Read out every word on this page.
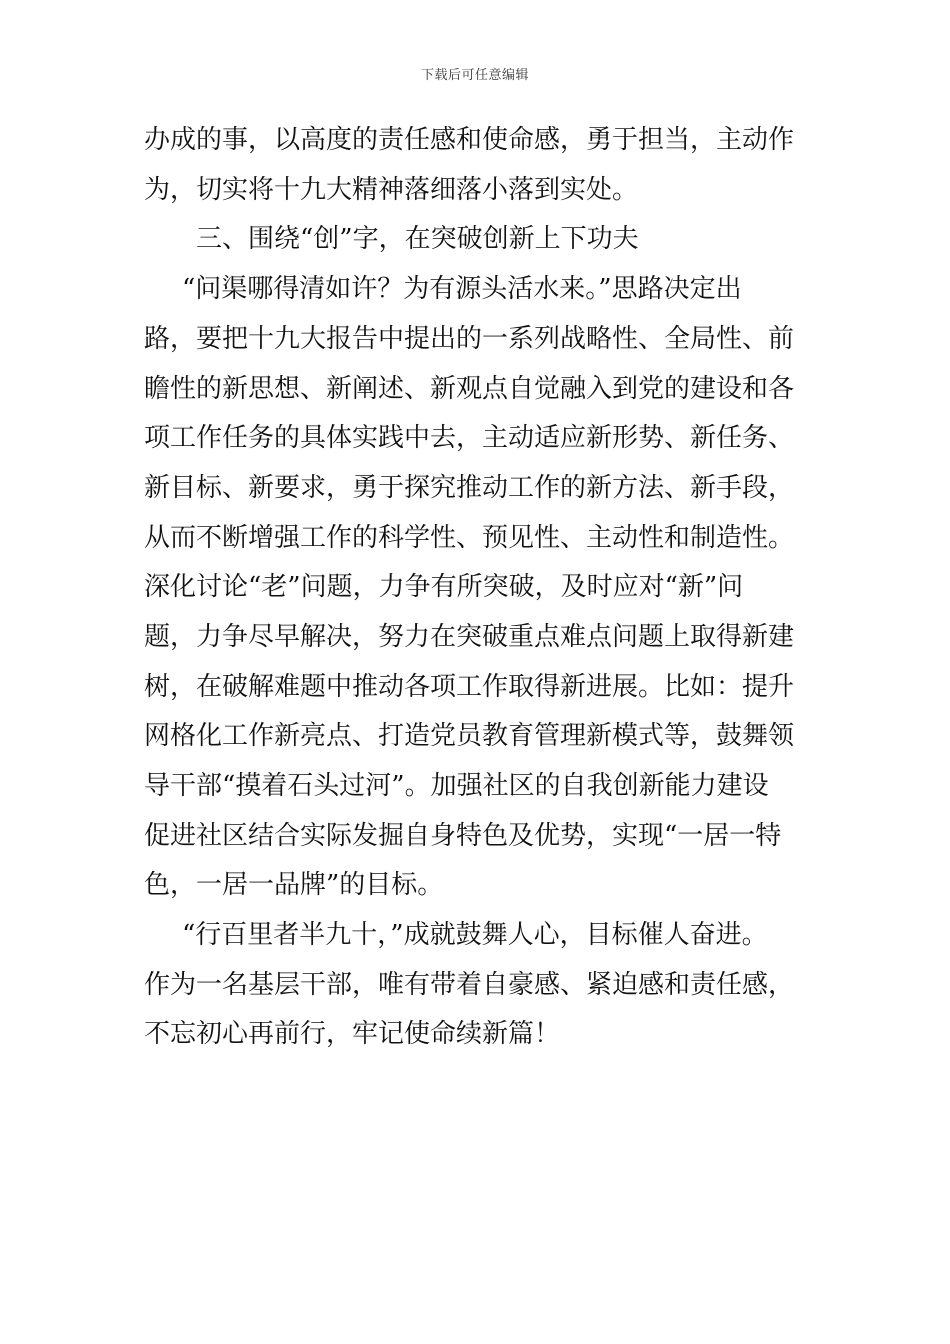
下载后可任意编辑
办成的事，以高度的责任感和使命感，勇于担当，主动作
为，切实将十九大精神落细落小落到实处。
三、围绕“创”字，在突破创新上下功夫
“问渠哪得清如许？为有源头活水来。”思路决定出
路，要把十九大报告中提出的一系列战略性、全局性、前
瞻性的新思想、新阐述、新观点自觉融入到党的建设和各
项工作任务的具体实践中去，主动适应新形势、新任务、
新目标、新要求，勇于探究推动工作的新方法、新手段，
从而不断增强工作的科学性、预见性、主动性和制造性。
深化讨论“老”问题，力争有所突破，及时应对“新”问
题，力争尽早解决，努力在突破重点难点问题上取得新建
树，在破解难题中推动各项工作取得新进展。比如：提升
网格化工作新亮点、打造党员教育管理新模式等，鼓舞领
导干部“摸着石头过河”。加强社区的自我创新能力建设
促进社区结合实际发掘自身特色及优势，实现“一居一特
色，一居一品牌”的目标。
“行百里者半九十，”成就鼓舞人心，目标催人奋进。
作为一名基层干部，唯有带着自豪感、紧迫感和责任感，
不忘初心再前行，牢记使命续新篇！
